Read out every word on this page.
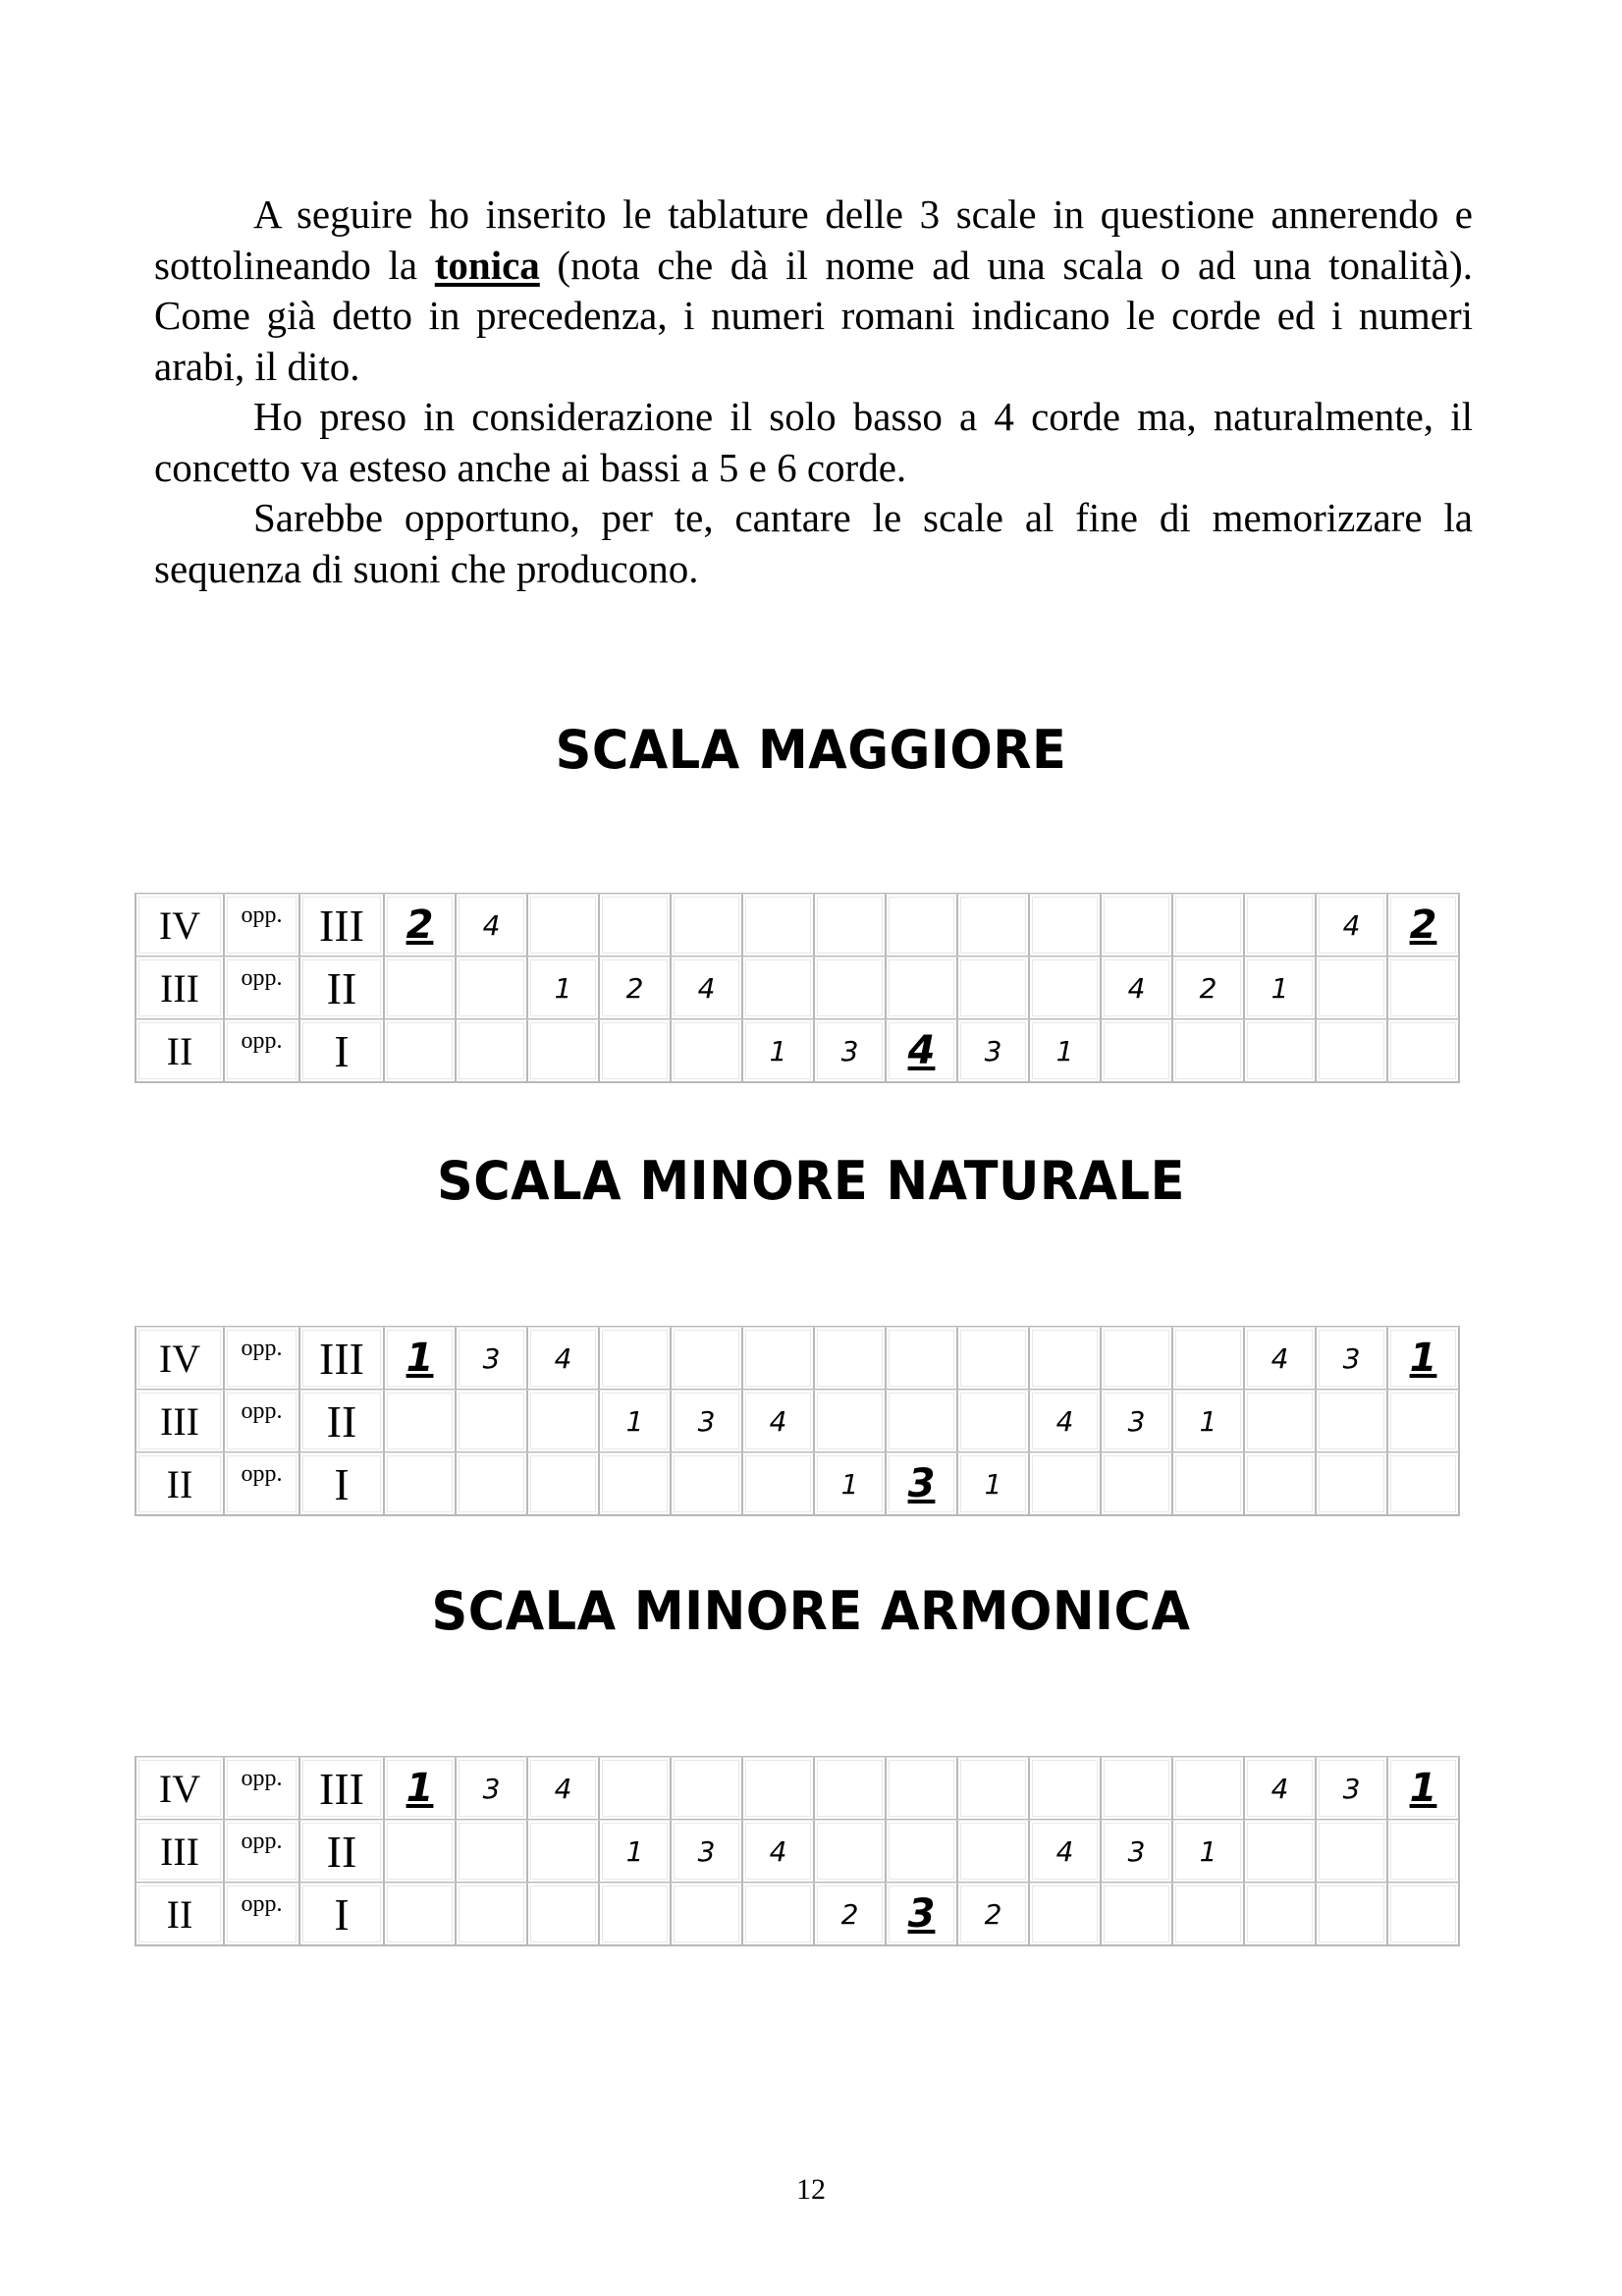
A seguire ho inserito le tablature delle 3 scale in questione annerendo e sottolineando la tonica (nota che dà il nome ad una scala o ad una tonalità). Come già detto in precedenza, i numeri romani indicano le corde ed i numeri arabi, il dito.

Ho preso in considerazione il solo basso a 4 corde ma, naturalmente, il concetto va esteso anche ai bassi a 5 e 6 corde.

Sarebbe opportuno, per te, cantare le scale al fine di memorizzare la sequenza di suoni che producono.

SCALA MAGGIORE
IV	opp.	III	2	4												4	2
III	opp.	II			1	2	4						4	2	1		
II	opp.	I						1	3	4	3	1					
SCALA MINORE NATURALE
IV	opp.	III	1	3	4										4	3	1
III	opp.	II				1	3	4				4	3	1			
II	opp.	I							1	3	1						
SCALA MINORE ARMONICA
IV	opp.	III	1	3	4										4	3	1
III	opp.	II				1	3	4				4	3	1			
II	opp.	I							2	3	2						
12
